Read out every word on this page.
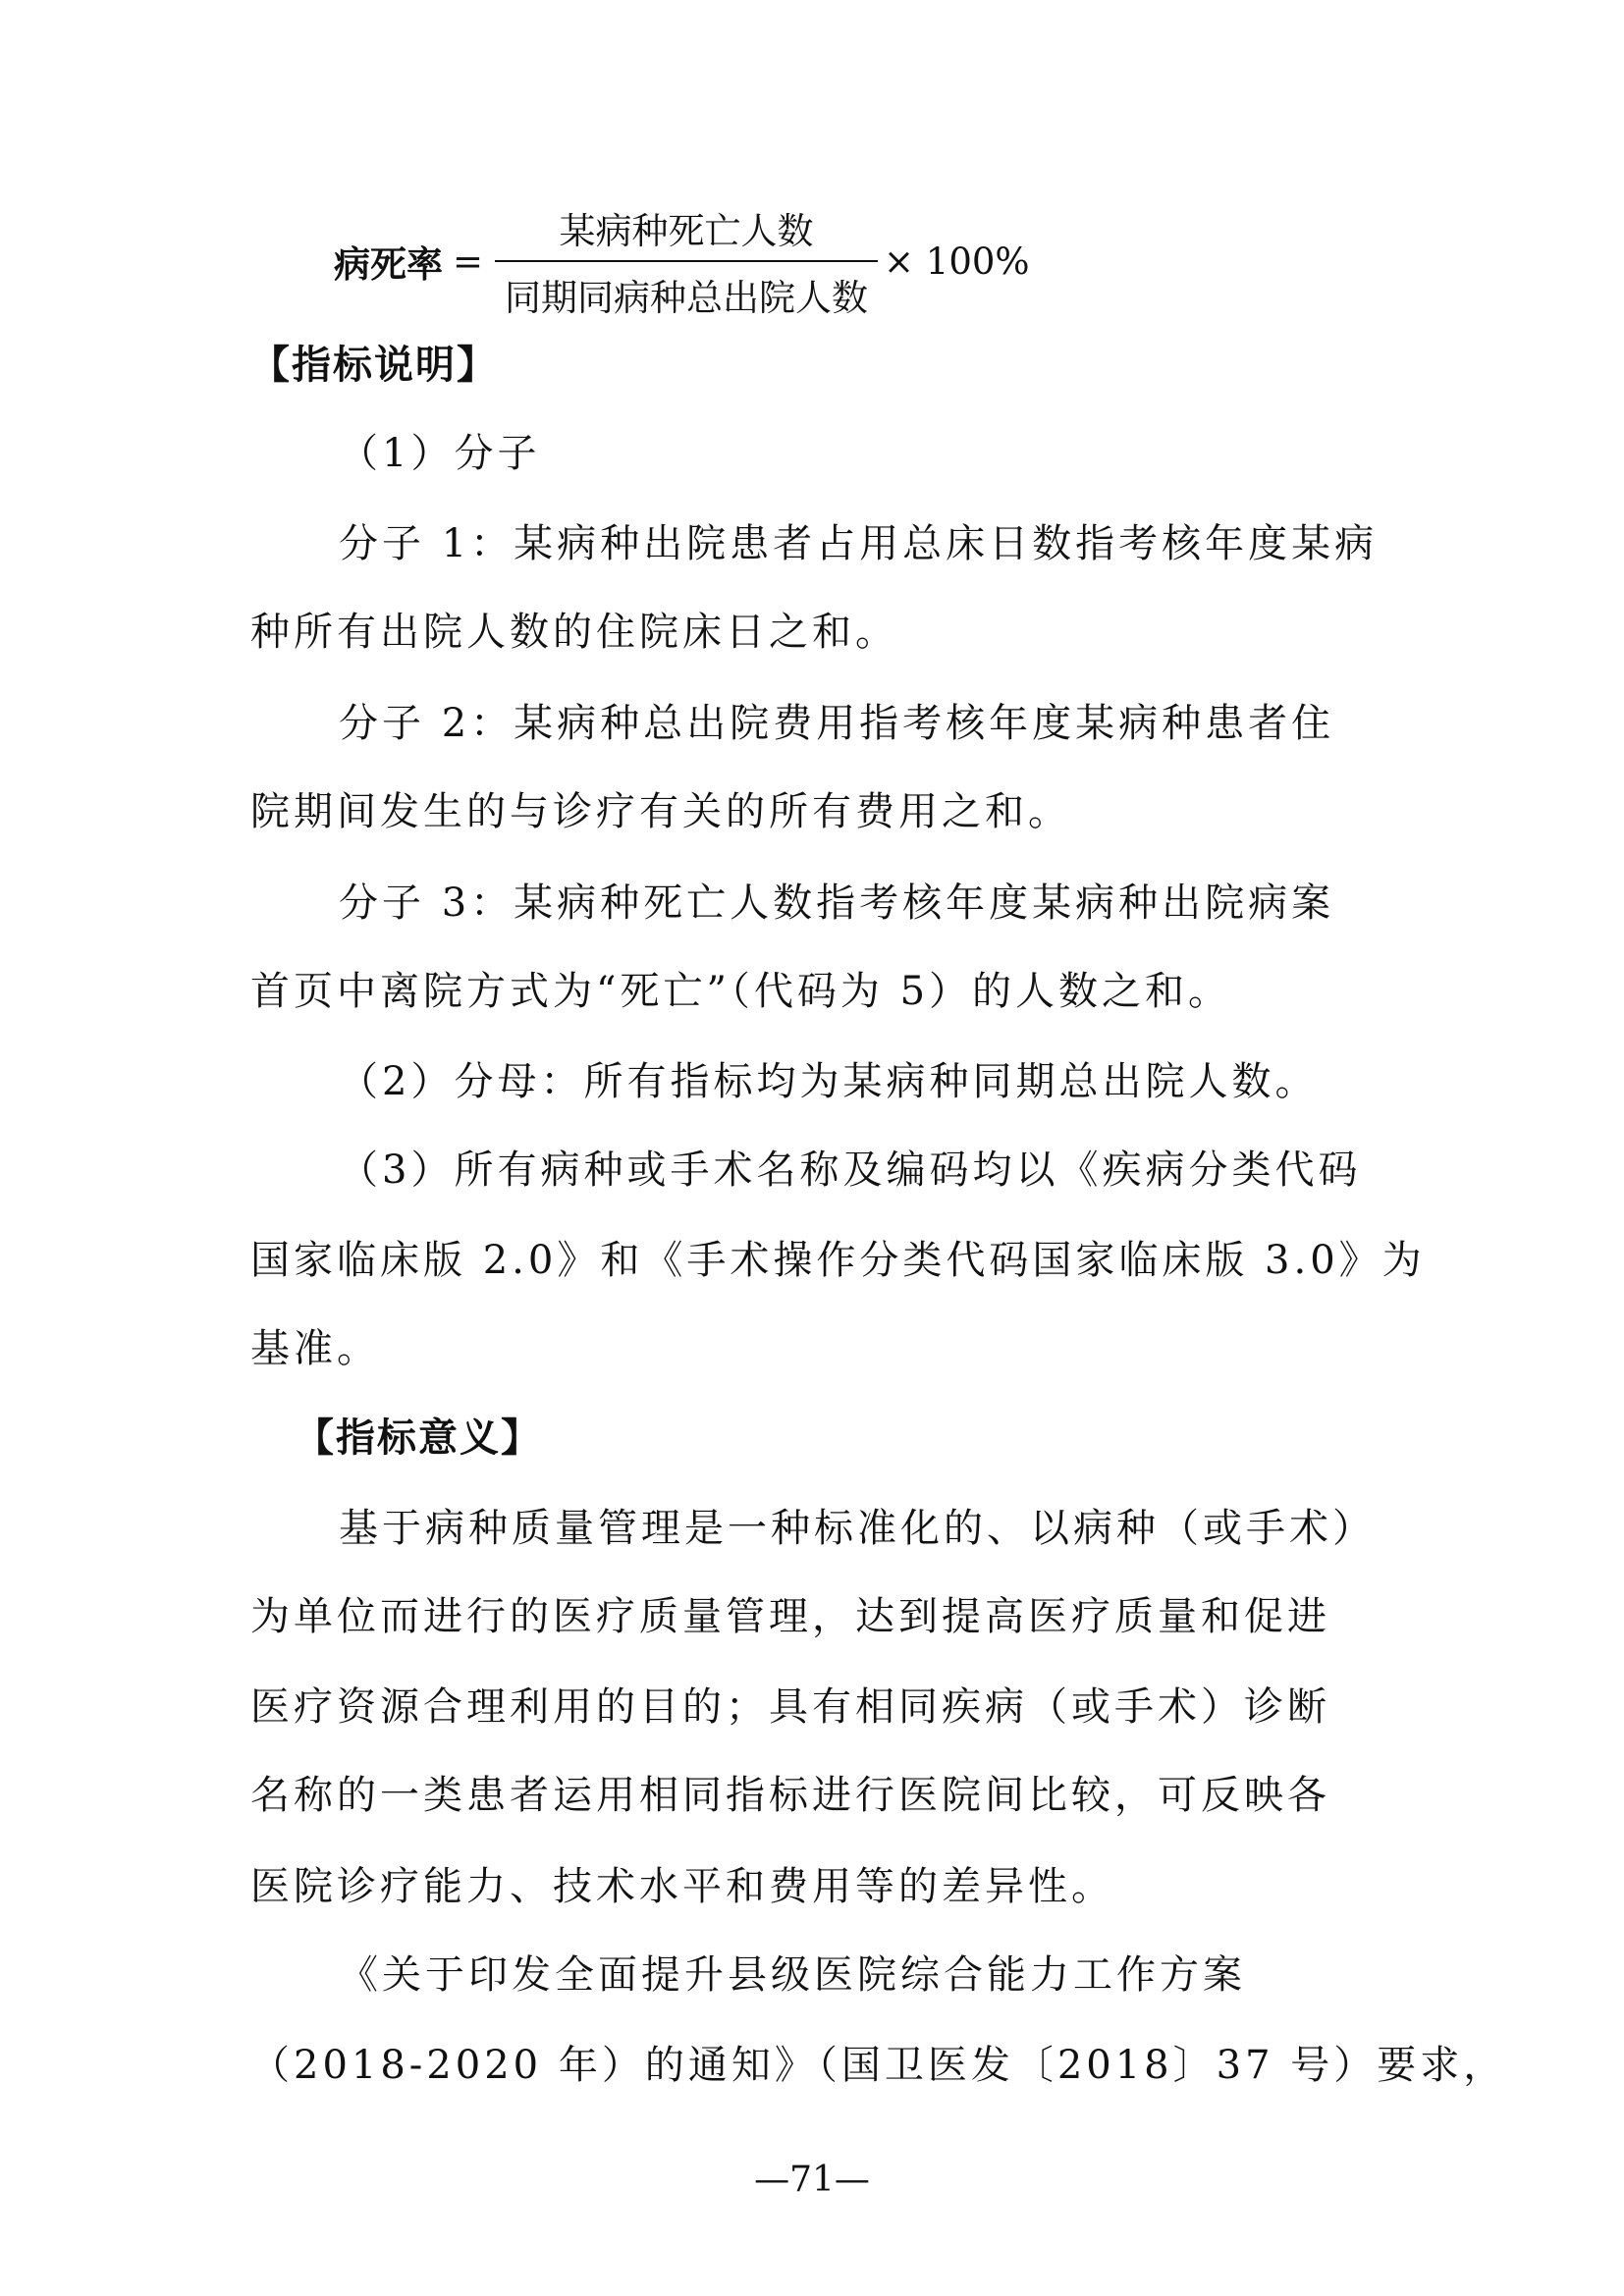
病死率 = $\frac{\text{某病种死亡人数}}{\text{同期同病种总出院人数}} \times 100\%$
【指标说明】
（1）分子
分子 1：某病种出院患者占用总床日数指考核年度某病
种所有出院人数的住院床日之和。
分子 2：某病种总出院费用指考核年度某病种患者住
院期间发生的与诊疗有关的所有费用之和。
分子 3：某病种死亡人数指考核年度某病种出院病案
首页中离院方式为“死亡”（代码为 5）的人数之和。
（2）分母：所有指标均为某病种同期总出院人数。
（3）所有病种或手术名称及编码均以《疾病分类代码
国家临床版 2.0》和《手术操作分类代码国家临床版 3.0》为
基准。
【指标意义】
基于病种质量管理是一种标准化的、以病种（或手术）
为单位而进行的医疗质量管理，达到提高医疗质量和促进
医疗资源合理利用的目的；具有相同疾病（或手术）诊断
名称的一类患者运用相同指标进行医院间比较，可反映各
医院诊疗能力、技术水平和费用等的差异性。
《关于印发全面提升县级医院综合能力工作方案
（2018-2020 年）的通知》（国卫医发〔2018〕37 号）要求，
—71—
